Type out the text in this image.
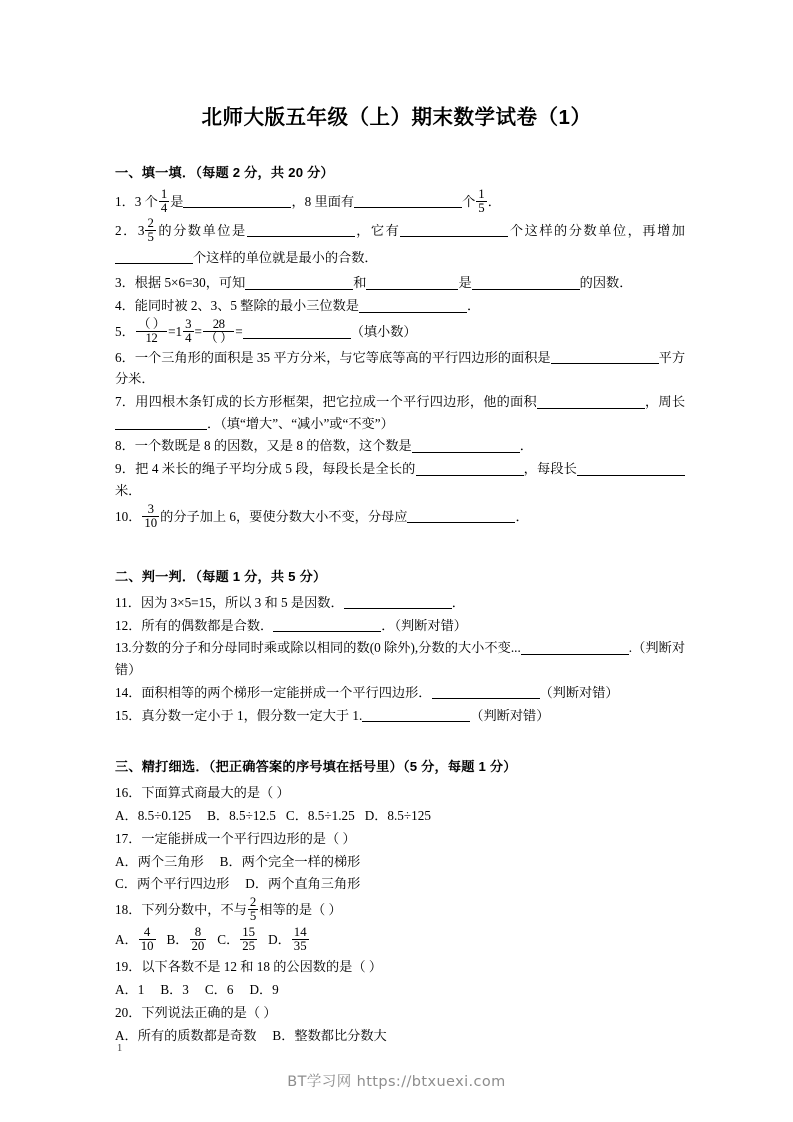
北师大版五年级（上）期末数学试卷（1）
一、填一填．（每题 2 分，共 20 分）
1．3 个 $\frac{1}{4}$ 是	，8 里面有	个 $\frac{1}{5}$ ．
2．$3 \frac{2}{5}$ 的分数单位是	，它有	个这样的分数单位，再增加个这样的单位就是最小的合数．
3．根据 5×6=30，可知	和	是	的因数．
4．能同时被 2、3、5 整除的最小三位数是	．
5． $\frac{( )}{12} =1 \frac{3}{4} = \frac{28}{( )}$ =	（填小数）
6．一个三角形的面积是 35 平方分米，与它等底等高的平行四边形的面积是	平方分米．
7．用四根木条钉成的长方形框架，把它拉成一个平行四边形，他的面积	，周长．（填“增大”、“减小”或“不变”）
8．一个数既是 8 的因数，又是 8 的倍数，这个数是	．
9．把 4 米长的绳子平均分成 5 段，每段长是全长的	，每段长米．
10． $\frac{3}{10}$ 的分子加上 6，要使分数大小不变，分母应	．
二、判一判．（每题 1 分，共 5 分）
11．因为 3×5=15，所以 3 和 5 是因数．	．
12．所有的偶数都是合数．	．（判断对错）
13.分数的分子和分母同时乘或除以相同的数(0 除外),分数的大小不变...	.（判断对错）
14．面积相等的两个梯形一定能拼成一个平行四边形．	（判断对错）
15．真分数一定小于 1，假分数一定大于 1.	（判断对错）
三、精打细选．（把正确答案的序号填在括号里）（5 分，每题 1 分）
16．下面算式商最大的是（ ）
A．8.5÷0.125 B．8.5÷12.5 C．8.5÷1.25 D．8.5÷125
17．一定能拼成一个平行四边形的是（ ）
A．两个三角形 B．两个完全一样的梯形
C．两个平行四边形 D．两个直角三角形
18．下列分数中，不与 $\frac{2}{5}$ 相等的是（ ）
A． $\frac{4}{10}$ B． $\frac{8}{20}$ C． $\frac{15}{25}$ D． $\frac{14}{35}$
19．以下各数不是 12 和 18 的公因数的是（ ）
A．1 B．3 C．6 D．9
20．下列说法正确的是（ ）
A．所有的质数都是奇数 B．整数都比分数大
1
BT学习网 https://btxuexi.com
